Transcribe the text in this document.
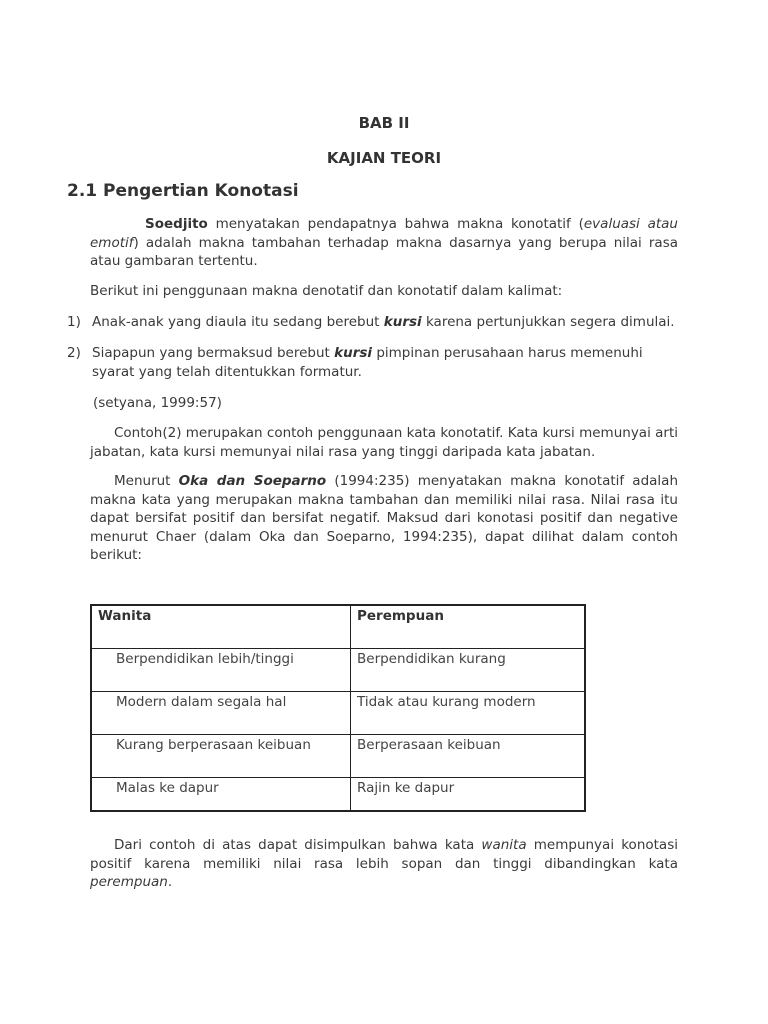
BAB II
KAJIAN TEORI
2.1 Pengertian Konotasi

Soedjito menyatakan pendapatnya bahwa makna konotatif (evaluasi atau emotif) adalah makna tambahan terhadap makna dasarnya yang berupa nilai rasa atau gambaran tertentu.

Berikut ini penggunaan makna denotatif dan konotatif dalam kalimat:

1) Anak-anak yang diaula itu sedang berebut kursi karena pertunjukkan segera dimulai.
2) Siapapun yang bermaksud berebut kursi pimpinan perusahaan harus memenuhi syarat yang telah ditentukkan formatur.
(setyana, 1999:57)

Contoh(2) merupakan contoh penggunaan kata konotatif. Kata kursi memunyai arti jabatan, kata kursi memunyai nilai rasa yang tinggi daripada kata jabatan.

Menurut Oka dan Soeparno (1994:235) menyatakan makna konotatif adalah makna kata yang merupakan makna tambahan dan memiliki nilai rasa. Nilai rasa itu dapat bersifat positif dan bersifat negatif. Maksud dari konotasi positif dan negative menurut Chaer (dalam Oka dan Soeparno, 1994:235), dapat dilihat dalam contoh berikut:

Wanita	Perempuan
Berpendidikan lebih/tinggi	Berpendidikan kurang
Modern dalam segala hal	Tidak atau kurang modern
Kurang berperasaan keibuan	Berperasaan keibuan
Malas ke dapur	Rajin ke dapur

Dari contoh di atas dapat disimpulkan bahwa kata wanita mempunyai konotasi positif karena memiliki nilai rasa lebih sopan dan tinggi dibandingkan kata perempuan.
